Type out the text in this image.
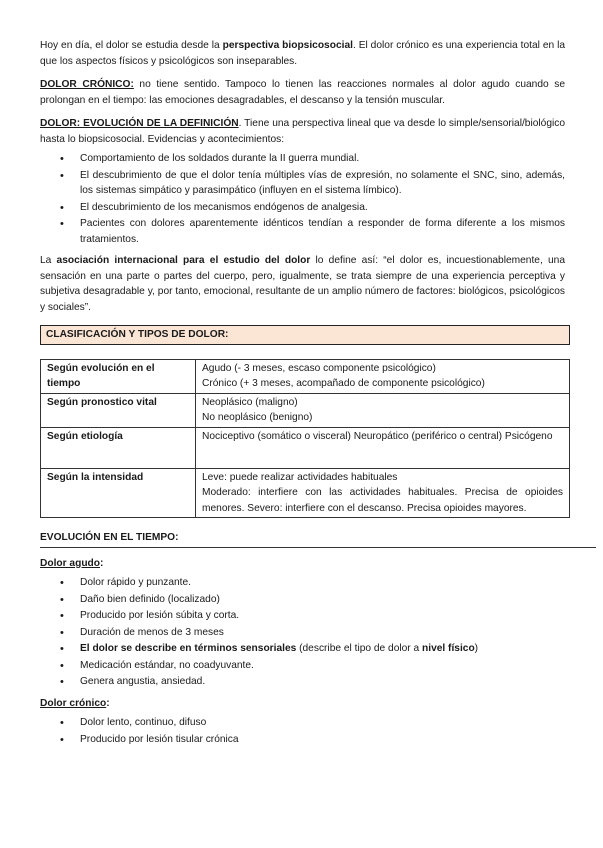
Hoy en día, el dolor se estudia desde la perspectiva biopsicosocial. El dolor crónico es una experiencia total en la que los aspectos físicos y psicológicos son inseparables.

DOLOR CRÓNICO: no tiene sentido. Tampoco lo tienen las reacciones normales al dolor agudo cuando se prolongan en el tiempo: las emociones desagradables, el descanso y la tensión muscular.

DOLOR: EVOLUCIÓN DE LA DEFINICIÓN. Tiene una perspectiva lineal que va desde lo simple/sensorial/biológico hasta lo biopsicosocial. Evidencias y acontecimientos:

• Comportamiento de los soldados durante la II guerra mundial.
• El descubrimiento de que el dolor tenía múltiples vías de expresión, no solamente el SNC, sino, además, los sistemas simpático y parasimpático (influyen en el sistema límbico).
• El descubrimiento de los mecanismos endógenos de analgesia.
• Pacientes con dolores aparentemente idénticos tendían a responder de forma diferente a los mismos tratamientos.

La asociación internacional para el estudio del dolor lo define así: “el dolor es, incuestionablemente, una sensación en una parte o partes del cuerpo, pero, igualmente, se trata siempre de una experiencia perceptiva y subjetiva desagradable y, por tanto, emocional, resultante de un amplio número de factores: biológicos, psicológicos y sociales”.

CLASIFICACIÓN Y TIPOS DE DOLOR:
Según evolución en el tiempo	Agudo (- 3 meses, escaso componente psicológico)
Crónico (+ 3 meses, acompañado de componente psicológico)

Según pronostico vital	Neoplásico (maligno)
No neoplásico (benigno)

Según etiología	Nociceptivo (somático o visceral) Neuropático (periférico o central) Psicógeno

Según la intensidad	Leve: puede realizar actividades habituales
Moderado: interfiere con las actividades habituales. Precisa de opioides menores. Severo: interfiere con el descanso. Precisa opioides mayores.
EVOLUCIÓN EN EL TIEMPO:
Dolor agudo:
• Dolor rápido y punzante.
• Daño bien definido (localizado)
• Producido por lesión súbita y corta.
• Duración de menos de 3 meses
• El dolor se describe en términos sensoriales (describe el tipo de dolor a nivel físico)
• Medicación estándar, no coadyuvante.
• Genera angustia, ansiedad.
Dolor crónico:
• Dolor lento, continuo, difuso
• Producido por lesión tisular crónica
